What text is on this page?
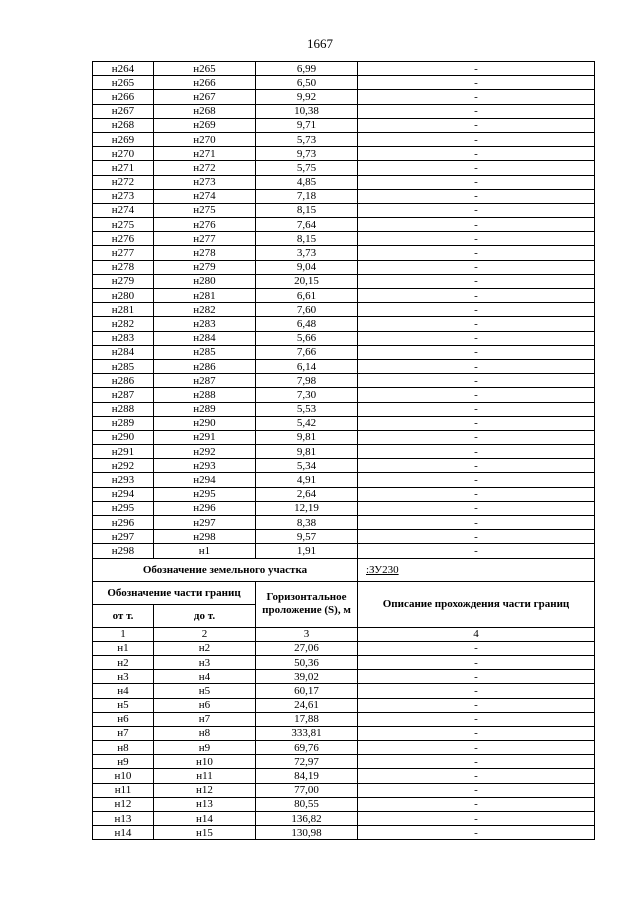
1667
н264	н265	6,99	-
н265	н266	6,50	-
н266	н267	9,92	-
н267	н268	10,38	-
н268	н269	9,71	-
н269	н270	5,73	-
н270	н271	9,73	-
н271	н272	5,75	-
н272	н273	4,85	-
н273	н274	7,18	-
н274	н275	8,15	-
н275	н276	7,64	-
н276	н277	8,15	-
н277	н278	3,73	-
н278	н279	9,04	-
н279	н280	20,15	-
н280	н281	6,61	-
н281	н282	7,60	-
н282	н283	6,48	-
н283	н284	5,66	-
н284	н285	7,66	-
н285	н286	6,14	-
н286	н287	7,98	-
н287	н288	7,30	-
н288	н289	5,53	-
н289	н290	5,42	-
н290	н291	9,81	-
н291	н292	9,81	-
н292	н293	5,34	-
н293	н294	4,91	-
н294	н295	2,64	-
н295	н296	12,19	-
н296	н297	8,38	-
н297	н298	9,57	-
н298	н1	1,91	-
Обозначение земельного участка			:ЗУ230
Обозначение части границ		Горизонтальное проложение (S), м	Описание прохождения части границ
от т.	до т.		
1	2	3	4
н1	н2	27,06	-
н2	н3	50,36	-
н3	н4	39,02	-
н4	н5	60,17	-
н5	н6	24,61	-
н6	н7	17,88	-
н7	н8	333,81	-
н8	н9	69,76	-
н9	н10	72,97	-
н10	н11	84,19	-
н11	н12	77,00	-
н12	н13	80,55	-
н13	н14	136,82	-
н14	н15	130,98	-
